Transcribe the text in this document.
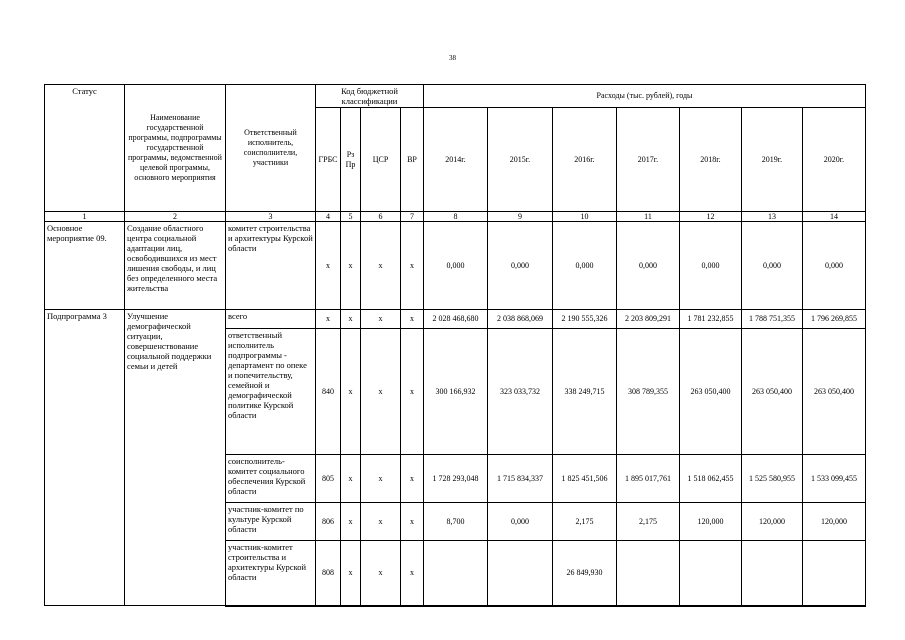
38
Статус	Наименование государственной программы, подпрограммы государственной программы, ведомственной целевой программы, основного мероприятия	Ответственный исполнитель, соисполнители, участники	Код бюджетной классификации				Расходы (тыс. рублей), годы						
			ГРБС	Рз Пр	ЦСР	ВР	2014г.	2015г.	2016г.	2017г.	2018г.	2019г.	2020г.
1	2	3	4	5	6	7	8	9	10	11	12	13	14
Основное мероприятие 09.	Создание областного центра социальной адаптации лиц, освободившихся из мест лишения свободы, и лиц без определенного места жительства	комитет строительства и архитектуры Курской области	х	х	х	х	0,000	0,000	0,000	0,000	0,000	0,000	0,000
Подпрограмма 3	Улучшение демографической ситуации, совершенствование социальной поддержки семьи и детей	всего	х	х	х	х	2 028 468,680	2 038 868,069	2 190 555,326	2 203 809,291	1 781 232,855	1 788 751,355	1 796 269,855
		ответственный исполнитель подпрограммы - департамент по опеке и попечительству, семейной и демографической политике Курской области	840	х	х	х	300 166,932	323 033,732	338 249,715	308 789,355	263 050,400	263 050,400	263 050,400
		соисполнитель-комитет социального обеспечения Курской области	805	х	х	х	1 728 293,048	1 715 834,337	1 825 451,506	1 895 017,761	1 518 062,455	1 525 580,955	1 533 099,455
		участник-комитет по культуре Курской области	806	х	х	х	8,700	0,000	2,175	2,175	120,000	120,000	120,000
		участник-комитет строительства и архитектуры Курской области	808	х	х	х			26 849,930				
